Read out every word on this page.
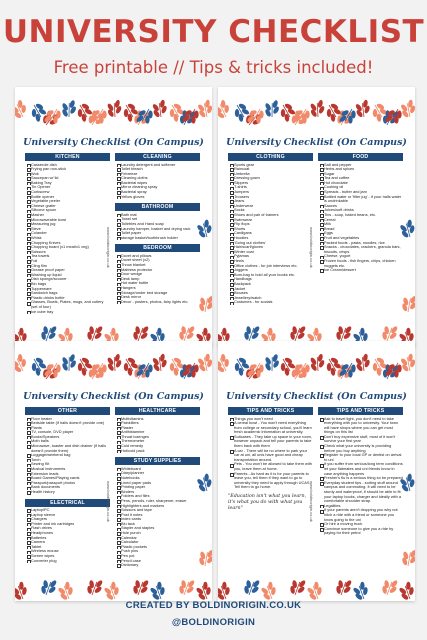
UNIVERSITY CHECKLIST
Free printable // Tips & tricks included!
University Checklist (On Campus)
KITCHEN
Casserole dish
Frying pan non-stick
Wok
Saucepan w/ lid
Baking Tray
Tin Opener
Corkscrew
Bottle opener
Vegetable peeler
Cheese grater
Silicone spoon
Masher
Microwaveable bowl
Measuring jug
Sieve
Colander
Whisk
Chopping Knives
Chopping board (x1 meat/x1 veg)
Scissors
Tea towels
Foil
Cling film
Grease proof paper
Washing up liquid
Dish sponge/scourer
Bin bags
Tupperware
Sandwich bags
Plastic drinks bottle
Glasses, Bowls, Plates, mugs, and cutlery (set of four)
Ice cube tray
CLEANING
Laundry detergent and softener
Toilet bleach
Febreeze
Cleaning cloths
Bacterial wipes
Mirror cleaning spray
Bacterial spray
Yellow gloves
BATHROOM
Bath mat
Towel set
Toiletries and Hand soap
Laundry hamper, basket and drying rack
Toilet paper
storage basket/toothbrush holder
BEDROOM
Duvet and pillows
Duvet sheet (x2)
Throw blanket
Mattress protector
Door wedge
Desk lamp
Hot water bottle
Hangers
Storage/under bed storage
Desk mirror
Décor - posters, photos, fairy lights etc.
www.boldinorigin.co.uk
University Checklist (On Campus)
CLOTHING
Sports gear
Raincoat
Umbrella
Dressing gown
Slippers
T-shirts
Jumpers
Trousers
Jeans
Underwear
Socks
Shoes and pair of trainers
Swimwear
Flip flops
Shorts
Cardigans
Hoodies
'Going out clothes'
Hair/scarf/gloves
Winter coat
Pyjamas
Heels
Office clothes - for job interviews etc.
Joggers
Bum-bag to hold all your books etc.
Handbags
Backpack
Jacket
Blouses
Jewellery/watch
Costumes - for socials
FOOD
Salt and pepper
Herbs and spices
Sugar
Tea and coffee
Hot chocolate
Cooking oil
Spreads - butter and jam
Bottled water or 'filter jug' - if your halls water is undrinkable
Sauces
Juices/soft drinks
Tins - soup, baked beans, etc.
Cereal
Milk
Bread
Eggs
Fruit and vegetables
Packed foods - pasta, noodles, rice
Snacks - chocolates, crackers, granola bars, biscuits, crisps
Cheese, yogurt
Frozen foods - fish fingers, chips, chicken nuggets etc.
Ice Cream/dessert
www.boldinorigin.co.uk
University Checklist (On Campus)
OTHER
Floor heater
Bedside table (if halls doesn't provide one)
Plants
TV, console, DVD player
Books/Speakers
Moth balls
Microwave, toaster and dish drainer (if halls doesn't provide them)
Luggage/weekend bag
Torch
Sewing Kit
Musical instruments
Extension leads
Board Games/Playing cards
Passport/passport photos
Bank documents
Health history
ELECTRICAL
Laptop/PC
Laptop sleeve
Chargers
Printer and ink cartridges
Flash drives
Headphones
Batteries
Camera
Tablet
Wireless mouse
Screen wipes
Converter plug
HEALTHCARE
Multivitamins
Painkillers
Plaster
Antihistamine
Throat lozenges
Thermometer
Cold remedy
Hot/cold pack
STUDY SUPPLIES
Whiteboard
Diary/planner
Notebooks
Lined paper pads
Printing paper
Binders
Folders and files
Pens, pencils, ruler, sharpener, eraser
Highlighters and markers
Scissors and tape
Post it notes
Index cards
Blu tack
Stapler and staples
Hole punch
Calendar
Calculator
Plastic pockets
Push pins
Pen pot
Pencil case
Dictionary
www.boldinorigin.co.uk
University Checklist (On Campus)
TIPS AND TRICKS
Things you won't need
A cereal bowl - You won't need everything from college or secondary school, you'll learn fresh academic information at university.
Suitcases - They take up space in your room, however unpack and tell your parents to take them back with them
A car - There will be no where to park your car at uni, all unis have good and cheap transportation around.
Pets - You won't be allowed to take them with you, leave them at home.
Parents - As hard as it is for your parents to leave you, tell them if they want to go to university they need to apply through UCAS. Tell them to go home.
"Education isn't what you learn, it's what you do with what you learn"
TIPS AND TRICKS
Ask to travel light, you don't need to take everything with you to university. Your town will have shops where you can get most things on this list
Don't buy expensive stuff, most of it won't survive your first year
Check what your university is providing before you buy anything
Register to your local GP or dentist on arrival to uni
If you suffer from serious/long term conditions let your flatmates and uni friends know in case anything happens
Fresher's flu is a serious thing so be prepared
Everyday student tips - sorting stuff around campus and commuting. It will need to be sturdy and waterproof, it should be able to fit your laptop books, charger and ideally with a comfortable shoulder strap.
Legalities
If your parents aren't dropping you why not hitch a ride with a friend or someone you know going to the uni
Or hire a moving truck
Convince someone to give you a ride by paying for their petrol
www.boldinorigin.co.uk
CREATED BY BOLDINORIGIN.CO.UK
@BOLDINORIGIN
